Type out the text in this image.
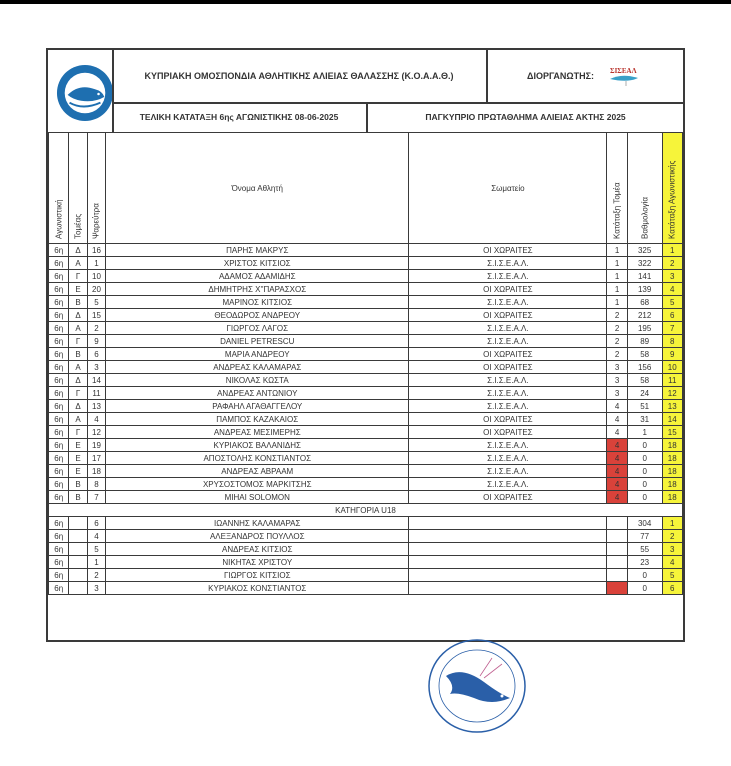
ΚΥΠΡΙΑΚΗ ΟΜΟΣΠΟΝΔΙΑ ΑΘΛΗΤΙΚΗΣ ΑΛΙΕΙΑΣ ΘΑΛΑΣΣΗΣ (Κ.Ο.Α.Α.Θ.)	ΔΙΟΡΓΑΝΩΤΗΣ: ΣΙΣΕΑΛ
ΤΕΛΙΚΗ ΚΑΤΑΤΑΞΗ 6ης ΑΓΩΝΙΣΤΙΚΗΣ 08-06-2025	ΠΑΓΚΥΠΡΙΟ ΠΡΩΤΑΘΛΗΜΑ ΑΛΙΕΙΑΣ ΑΚΤΗΣ 2025
Αγωνιστική	Τομέας	Ψαρεύτρα	Όνομα Αθλητή	Σωματείο	Κατάταξη Τομέα	Βαθμολογία	Κατάταξη Αγωνιστικής

6η	Δ	16	ΠΑΡΗΣ ΜΑΚΡΥΣ	ΟΙ ΧΩΡΑΙΤΕΣ	1	325	1
6η	Α	1	ΧΡΙΣΤΟΣ ΚΙΤΣΙΟΣ	Σ.Ι.Σ.Ε.Α.Λ.	1	322	2
6η	Γ	10	ΑΔΑΜΟΣ ΑΔΑΜΙΔΗΣ	Σ.Ι.Σ.Ε.Α.Λ.	1	141	3
6η	Ε	20	ΔΗΜΗΤΡΗΣ Χ''ΠΑΡΑΣΧΟΣ	ΟΙ ΧΩΡΑΙΤΕΣ	1	139	4
6η	Β	5	ΜΑΡΙΝΟΣ ΚΙΤΣΙΟΣ	Σ.Ι.Σ.Ε.Α.Λ.	1	68	5
6η	Δ	15	ΘΕΟΔΩΡΟΣ ΑΝΔΡΕΟΥ	ΟΙ ΧΩΡΑΙΤΕΣ	2	212	6
6η	Α	2	ΓΙΩΡΓΟΣ ΛΑΓΟΣ	Σ.Ι.Σ.Ε.Α.Λ.	2	195	7
6η	Γ	9	DANIEL PETRESCU	Σ.Ι.Σ.Ε.Α.Λ.	2	89	8
6η	Β	6	ΜΑΡΙΑ ΑΝΔΡΕΟΥ	ΟΙ ΧΩΡΑΙΤΕΣ	2	58	9
6η	Α	3	ΑΝΔΡΕΑΣ ΚΑΛΑΜΑΡΑΣ	ΟΙ ΧΩΡΑΙΤΕΣ	3	156	10
6η	Δ	14	ΝΙΚΟΛΑΣ ΚΩΣΤΑ	Σ.Ι.Σ.Ε.Α.Λ.	3	58	11
6η	Γ	11	ΑΝΔΡΕΑΣ ΑΝΤΩΝΙΟΥ	Σ.Ι.Σ.Ε.Α.Λ.	3	24	12
6η	Δ	13	ΡΑΦΑΗΛ ΑΓΑΘΑΓΓΕΛΟΥ	Σ.Ι.Σ.Ε.Α.Λ.	4	51	13
6η	Α	4	ΠΑΜΠΟΣ ΚΑΖΑΚΑΙΟΣ	ΟΙ ΧΩΡΑΙΤΕΣ	4	31	14
6η	Γ	12	ΑΝΔΡΕΑΣ ΜΕΣΙΜΕΡΗΣ	ΟΙ ΧΩΡΑΙΤΕΣ	4	1	15
6η	Ε	19	ΚΥΡΙΑΚΟΣ ΒΑΛΑΝΙΔΗΣ	Σ.Ι.Σ.Ε.Α.Λ.	4	0	18
6η	Ε	17	ΑΠΟΣΤΟΛΗΣ ΚΟΝΣΤΙΑΝΤΟΣ	Σ.Ι.Σ.Ε.Α.Λ.	4	0	18
6η	Ε	18	ΑΝΔΡΕΑΣ ΑΒΡΑΑΜ	Σ.Ι.Σ.Ε.Α.Λ.	4	0	18
6η	Β	8	ΧΡΥΣΟΣΤΟΜΟΣ ΜΑΡΚΙΤΣΗΣ	Σ.Ι.Σ.Ε.Α.Λ.	4	0	18
6η	Β	7	ΜΙΗΑΙ SOLOMON	ΟΙ ΧΩΡΑΙΤΕΣ	4	0	18
ΚΑΤΗΓΟΡΙΑ U18							
6η		6	ΙΩΑΝΝΗΣ ΚΑΛΑΜΑΡΑΣ			304	1
6η		4	ΑΛΕΞΑΝΔΡΟΣ ΠΟΥΛΛΟΣ			77	2
6η		5	ΑΝΔΡΕΑΣ ΚΙΤΣΙΟΣ			55	3
6η		1	ΝΙΚΗΤΑΣ ΧΡΙΣΤΟΥ			23	4
6η		2	ΓΙΩΡΓΟΣ ΚΙΤΣΙΟΣ			0	5
6η		3	ΚΥΡΙΑΚΟΣ ΚΟΝΣΤΙΑΝΤΟΣ			0	6
